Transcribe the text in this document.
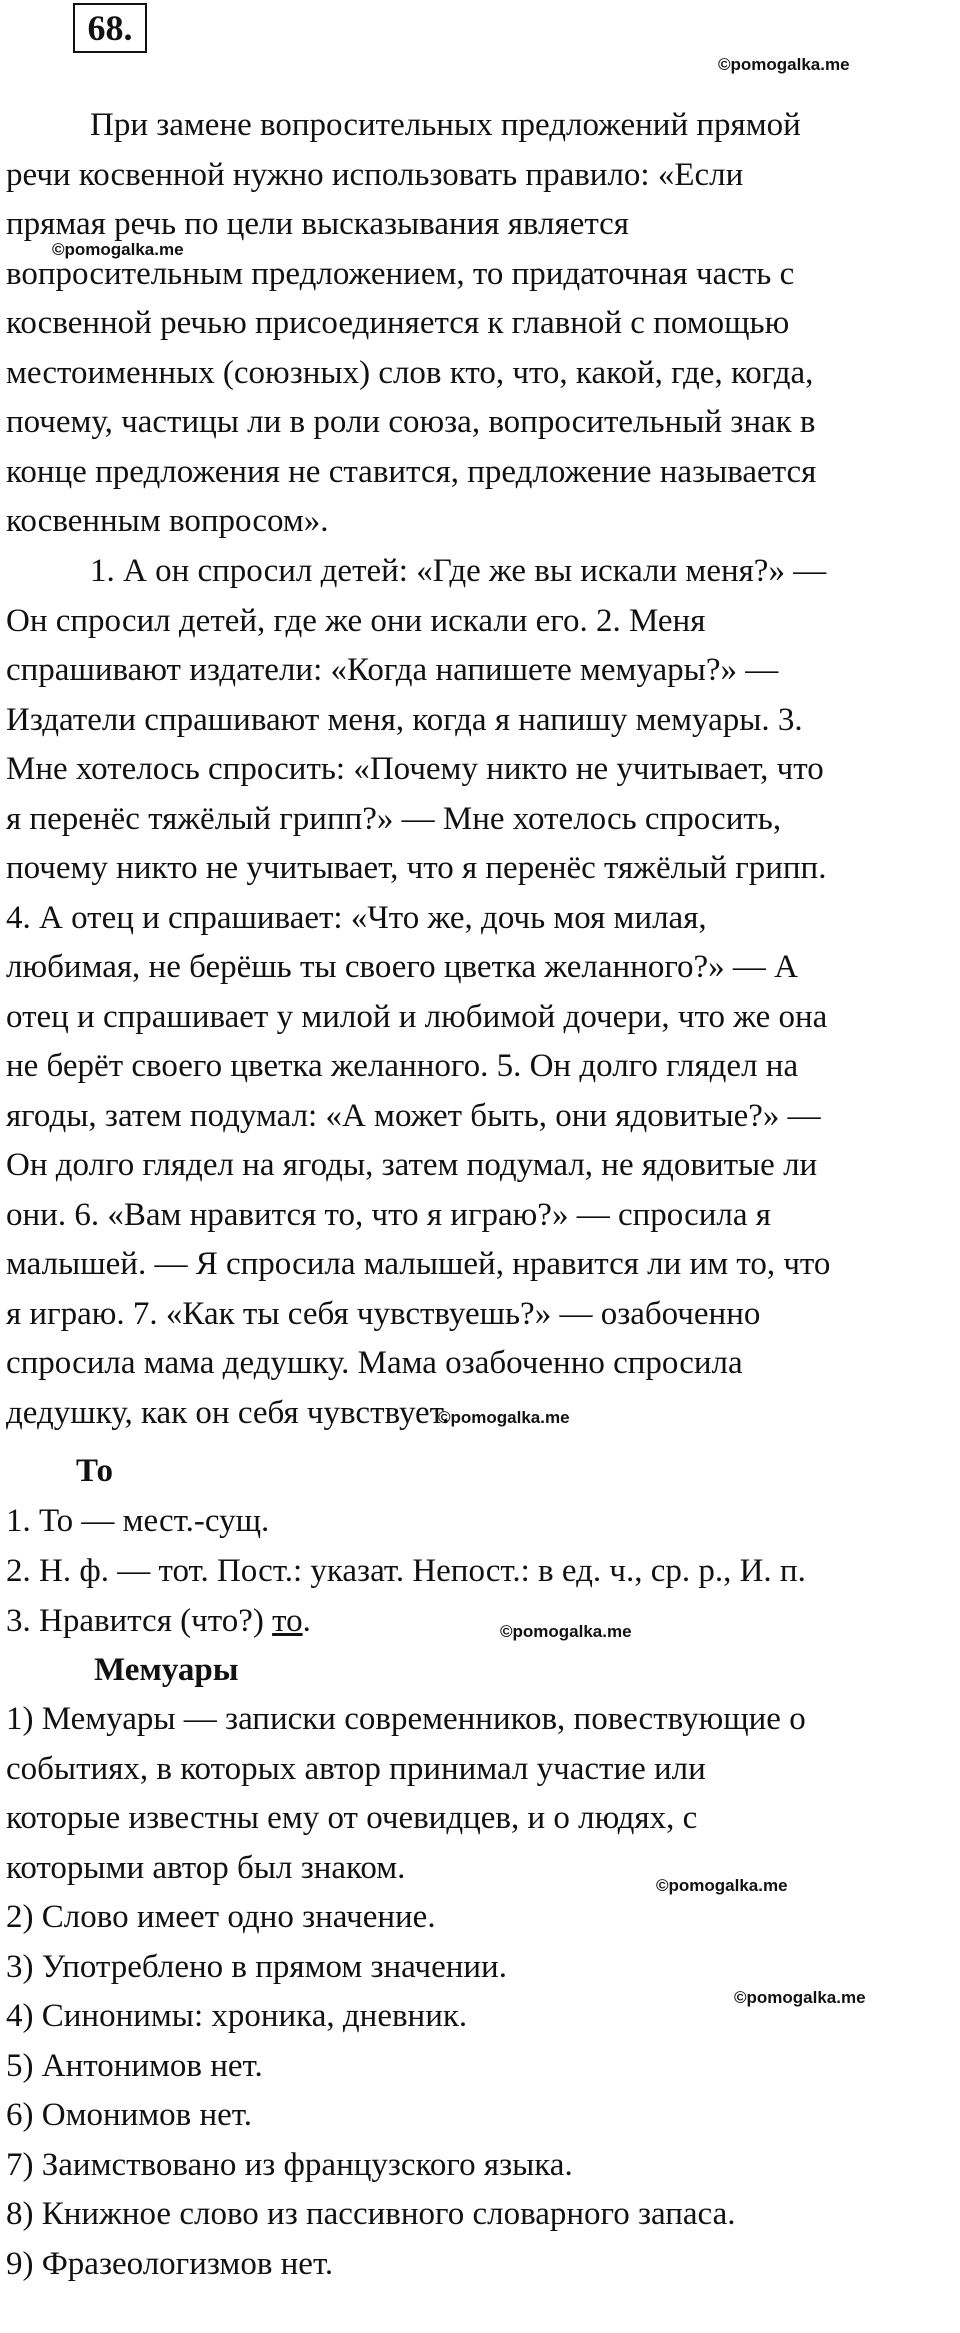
68.
©pomogalka.me
©pomogalka.me
©pomogalka.me
©pomogalka.me
©pomogalka.me
©pomogalka.me
При замене вопросительных предложений прямой
речи косвенной нужно использовать правило: «Если
прямая речь по цели высказывания является
вопросительным предложением, то придаточная часть с
косвенной речью присоединяется к главной с помощью
местоименных (союзных) слов кто, что, какой, где, когда,
почему, частицы ли в роли союза, вопросительный знак в
конце предложения не ставится, предложение называется
косвенным вопросом».
1. А он спросил детей: «Где же вы искали меня?» —
Он спросил детей, где же они искали его. 2. Меня
спрашивают издатели: «Когда напишете мемуары?» —
Издатели спрашивают меня, когда я напишу мемуары. 3.
Мне хотелось спросить: «Почему никто не учитывает, что
я перенёс тяжёлый грипп?» — Мне хотелось спросить,
почему никто не учитывает, что я перенёс тяжёлый грипп.
4. А отец и спрашивает: «Что же, дочь моя милая,
любимая, не берёшь ты своего цветка желанного?» — А
отец и спрашивает у милой и любимой дочери, что же она
не берёт своего цветка желанного. 5. Он долго глядел на
ягоды, затем подумал: «А может быть, они ядовитые?» —
Он долго глядел на ягоды, затем подумал, не ядовитые ли
они. 6. «Вам нравится то, что я играю?» — спросила я
малышей. — Я спросила малышей, нравится ли им то, что
я играю. 7. «Как ты себя чувствуешь?» — озабоченно
спросила мама дедушку. Мама озабоченно спросила
дедушку, как он себя чувствует.
То
1. То — мест.-сущ.
2. Н. ф. — тот. Пост.: указат. Непост.: в ед. ч., ср. р., И. п.
3. Нравится (что?) то.
Мемуары
1) Мемуары — записки современников, повествующие о
событиях, в которых автор принимал участие или
которые известны ему от очевидцев, и о людях, с
которыми автор был знаком.
2) Слово имеет одно значение.
3) Употреблено в прямом значении.
4) Синонимы: хроника, дневник.
5) Антонимов нет.
6) Омонимов нет.
7) Заимствовано из французского языка.
8) Книжное слово из пассивного словарного запаса.
9) Фразеологизмов нет.
